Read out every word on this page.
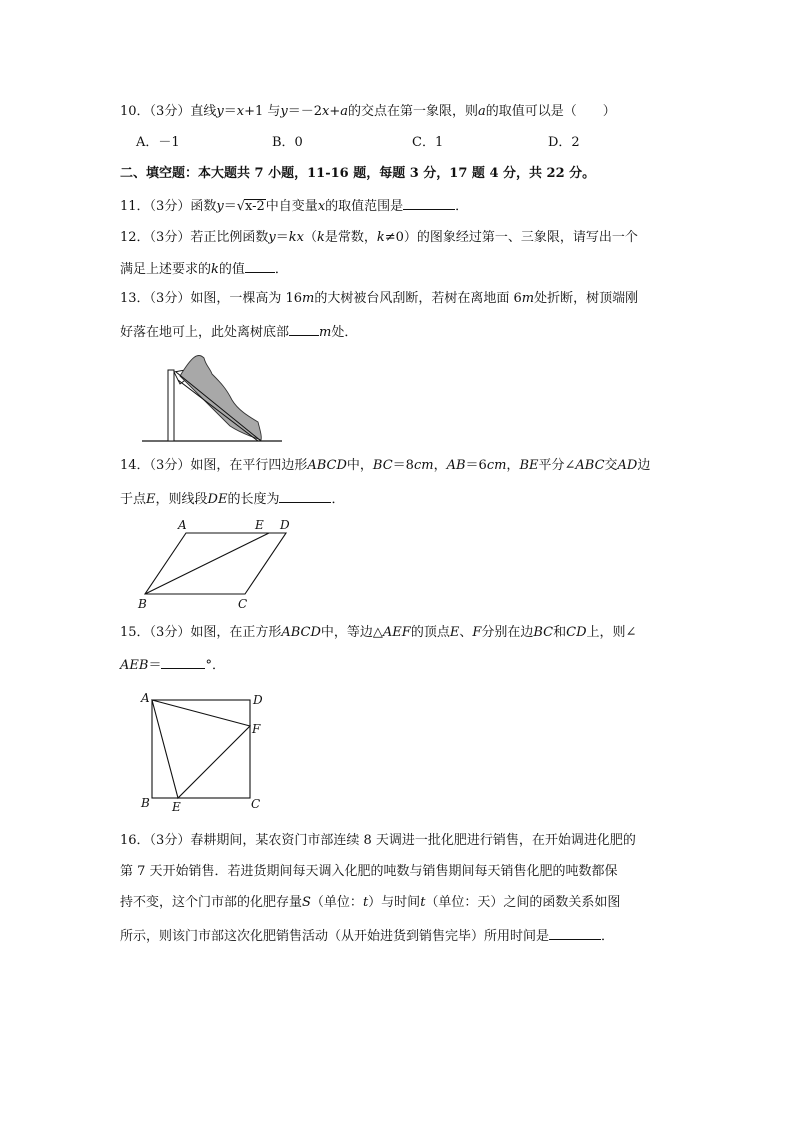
10．（3分）直线y＝x+1 与y＝－2x+a的交点在第一象限，则a的取值可以是（　　）
A．－1	B．0	C．1	D．2
二、填空题：本大题共 7 小题，11-16 题，每题 3 分，17 题 4 分，共 22 分。
11．（3分）函数y＝√x-2中自变量x的取值范围是	．
12．（3分）若正比例函数y＝kx（k是常数，k≠0）的图象经过第一、三象限，请写出一个
满足上述要求的k的值 ．
13．（3分）如图，一棵高为 16m的大树被台风刮断，若树在离地面 6m处折断，树顶端刚
好落在地可上，此处离树底部 m处．
14．（3分）如图，在平行四边形ABCD中，BC＝8cm，AB＝6cm，BE平分∠ABC交AD边
于点E，则线段DE的长度为	．
A	E D
B	C
15．（3分）如图，在正方形ABCD中，等边△AEF的顶点E、F分别在边BC和CD上，则∠
AEB＝	°．
A	D
F
B E	C
16．（3分）春耕期间，某农资门市部连续 8 天调进一批化肥进行销售，在开始调进化肥的
第 7 天开始销售．若进货期间每天调入化肥的吨数与销售期间每天销售化肥的吨数都保
持不变，这个门市部的化肥存量S（单位：t）与时间t（单位：天）之间的函数关系如图
所示，则该门市部这次化肥销售活动（从开始进货到销售完毕）所用时间是	．
